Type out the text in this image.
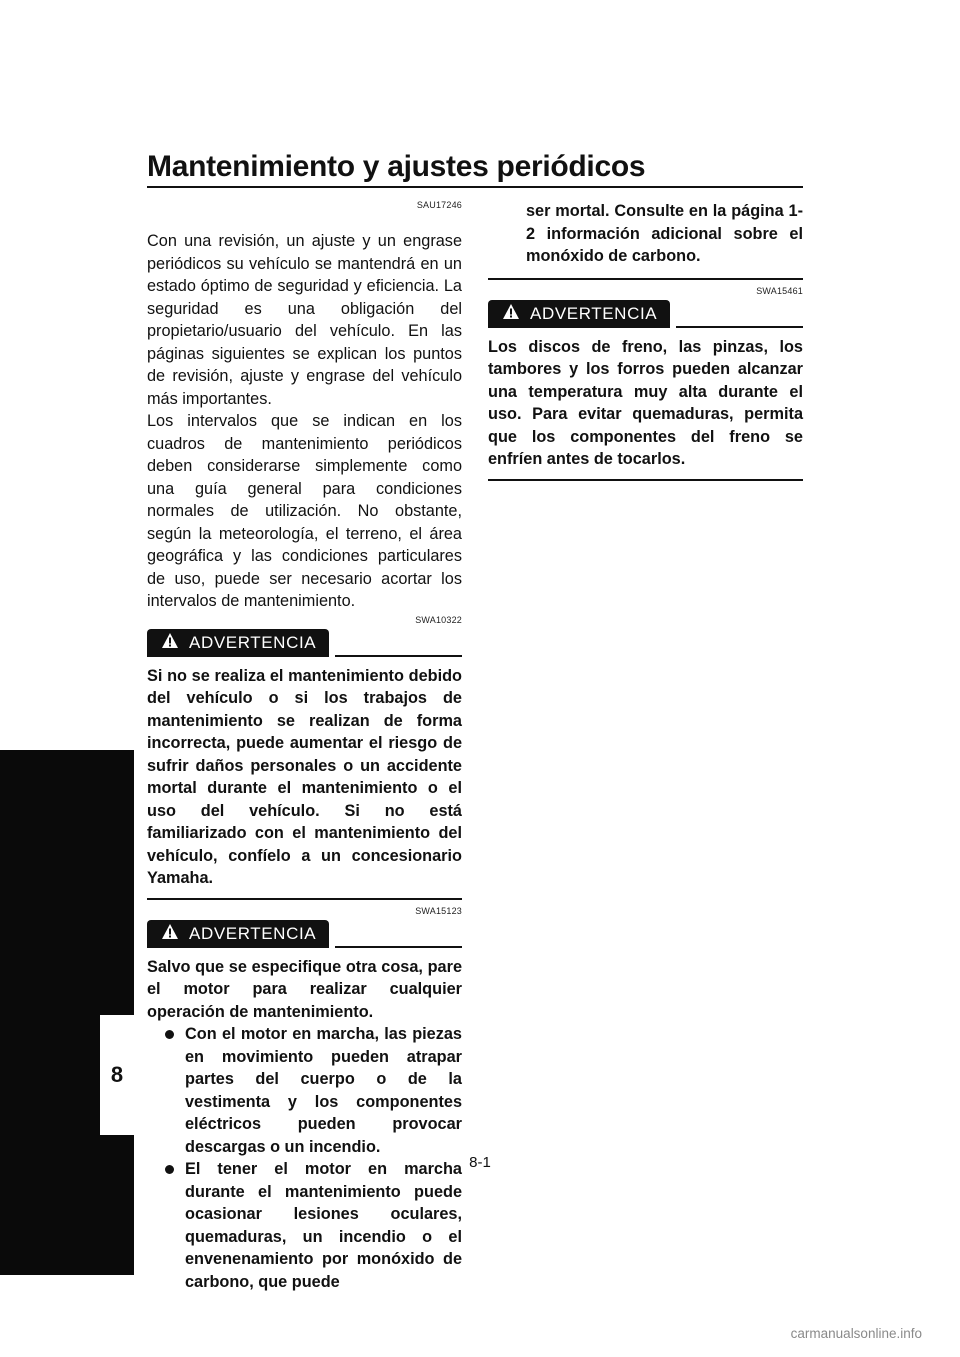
Mantenimiento y ajustes periódicos
8
SAU17246

Con una revisión, un ajuste y un engrase periódicos su vehículo se mantendrá en un estado óptimo de seguridad y eficiencia. La seguridad es una obligación del propietario/usuario del vehículo. En las páginas siguientes se explican los puntos de revisión, ajuste y engrase del vehículo más importantes.

Los intervalos que se indican en los cuadros de mantenimiento periódicos deben considerarse simplemente como una guía general para condiciones normales de utilización. No obstante, según la meteorología, el terreno, el área geográfica y las condiciones particulares de uso, puede ser necesario acortar los intervalos de mantenimiento.

SWA10322
ADVERTENCIA

Si no se realiza el mantenimiento debido del vehículo o si los trabajos de mantenimiento se realizan de forma incorrecta, puede aumentar el riesgo de sufrir daños personales o un accidente mortal durante el mantenimiento o el uso del vehículo. Si no está familiarizado con el mantenimiento del vehículo, confíelo a un concesionario Yamaha.

SWA15123
ADVERTENCIA

Salvo que se especifique otra cosa, pare el motor para realizar cualquier operación de mantenimiento.

Con el motor en marcha, las piezas en movimiento pueden atrapar partes del cuerpo o de la vestimenta y los componentes eléctricos pueden provocar descargas o un incendio.
El tener el motor en marcha durante el mantenimiento puede ocasionar lesiones oculares, quemaduras, un incendio o el envenenamiento por monóxido de carbono, que puede
ser mortal. Consulte en la página 1-2 información adicional sobre el monóxido de carbono.
SWA15461
ADVERTENCIA

Los discos de freno, las pinzas, los tambores y los forros pueden alcanzar una temperatura muy alta durante el uso. Para evitar quemaduras, permita que los componentes del freno se enfríen antes de tocarlos.

8-1
carmanualsonline.info
